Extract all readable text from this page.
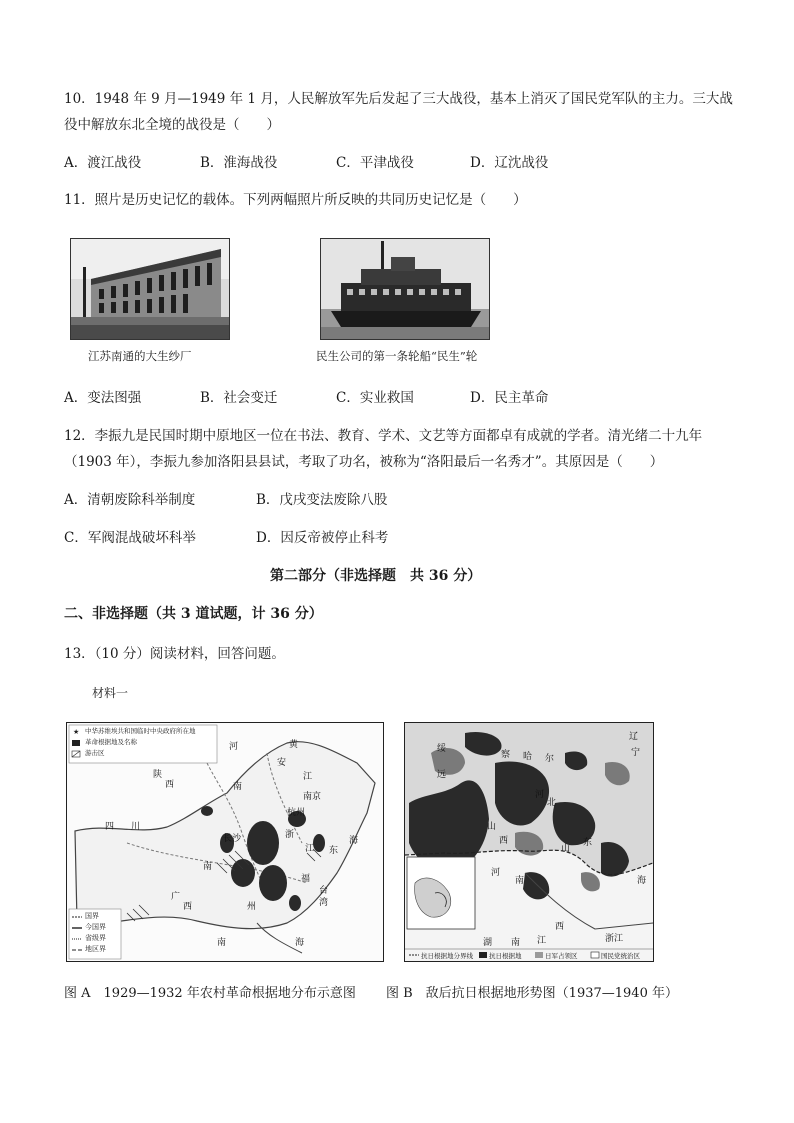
10．1948 年 9 月—1949 年 1 月，人民解放军先后发起了三大战役，基本上消灭了国民党军队的主力。三大战
役中解放东北全境的战役是（　　）
A．渡江战役	B．淮海战役	C．平津战役	D．辽沈战役
11．照片是历史记忆的载体。下列两幅照片所反映的共同历史记忆是（　　）
江苏南通的大生纱厂	民生公司的第一条轮船“民生”轮
A．变法图强	B．社会变迁	C．实业救国	D．民主革命
12．李振九是民国时期中原地区一位在书法、教育、学术、文艺等方面都卓有成就的学者。清光绪二十九年
（1903 年），李振九参加洛阳县县试，考取了功名，被称为“洛阳最后一名秀才”。其原因是（　　）
A．清朝废除科举制度	B．戊戌变法废除八股
C．军阀混战破坏科举	D．因反帝被停止科考
第二部分（非选择题　共 36 分）
二、非选择题（共 3 道试题，计 36 分）
13．（10 分）阅读材料，回答问题。
材料一
★ 中华苏维埃共和国临时中央政府所在地
革命根据地及名称
游击区
国界
今国界
省级界
地区界
河
安
江
陕
西	南
南京
杭州
四 川
长沙	浙
江 东
海
南
福
州
台
湾
广
西
南	海
黄
抗日根据地分界线 抗日根据地	日军占领区	国民党统治区
绥
远
察 哈 尔
辽
宁
河
北
山
西
河
南
山
东
湖 南 江
西
浙江
海
图 A　1929—1932 年农村革命根据地分布示意图 图 B　敌后抗日根据地形势图（1937—1940 年）
